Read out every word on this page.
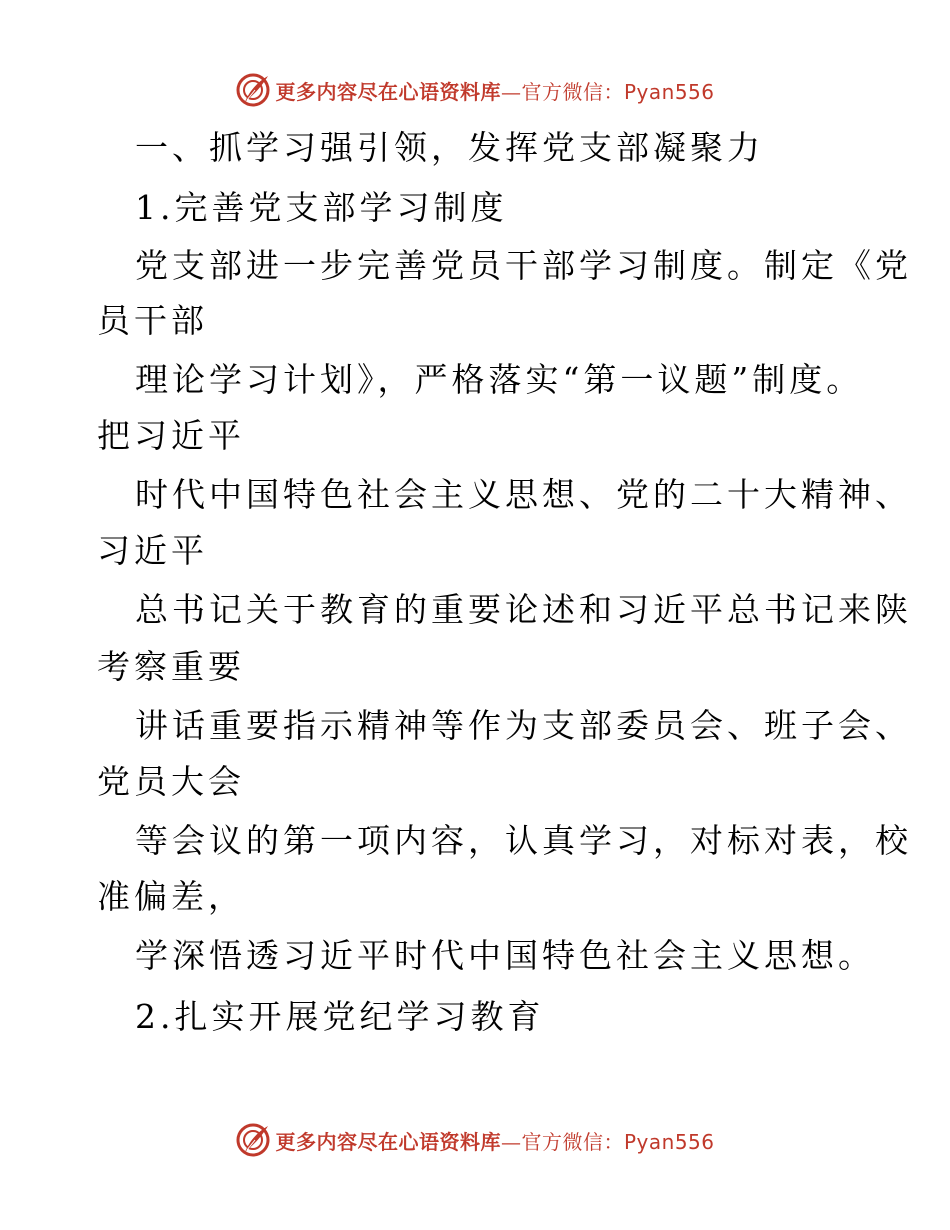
更多内容尽在心语资料库—官方微信：Pyan556
一、抓学习强引领，发挥党支部凝聚力
1.完善党支部学习制度
党支部进一步完善党员干部学习制度。制定《党
员干部
理论学习计划》，严格落实“第一议题”制度。
把习近平
时代中国特色社会主义思想、党的二十大精神、
习近平
总书记关于教育的重要论述和习近平总书记来陕
考察重要
讲话重要指示精神等作为支部委员会、班子会、
党员大会
等会议的第一项内容，认真学习，对标对表，校
准偏差，
学深悟透习近平时代中国特色社会主义思想。
2.扎实开展党纪学习教育
更多内容尽在心语资料库—官方微信：Pyan556
